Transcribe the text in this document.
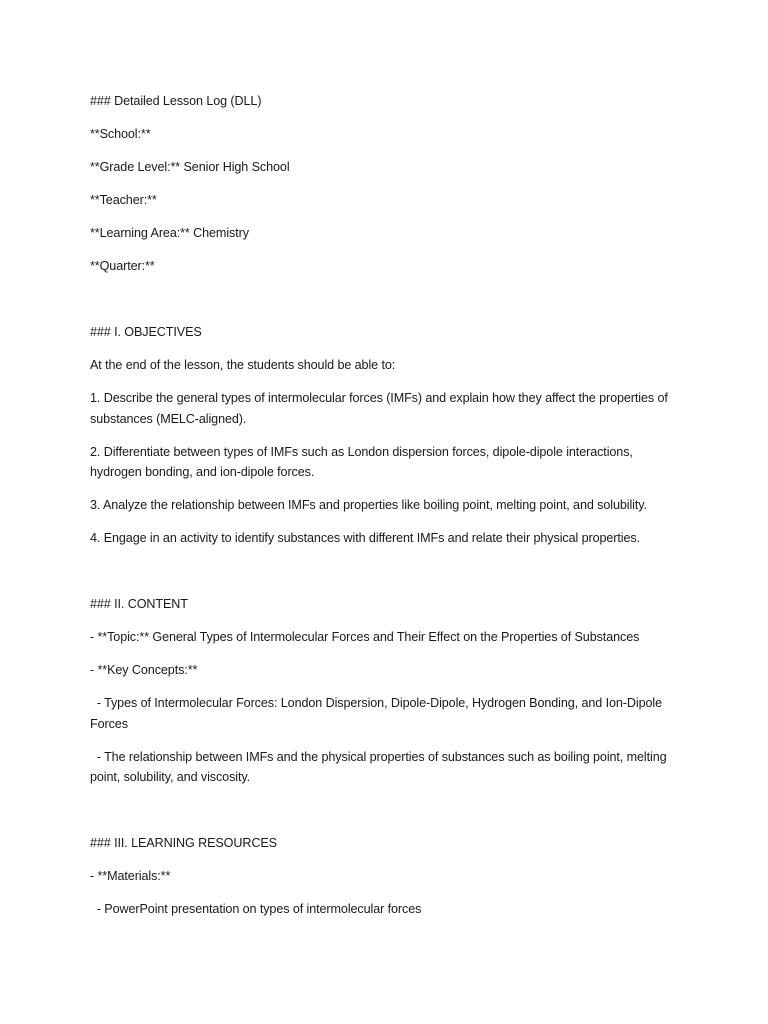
### Detailed Lesson Log (DLL)

**School:**

**Grade Level:** Senior High School

**Teacher:**

**Learning Area:** Chemistry

**Quarter:**

### I. OBJECTIVES

At the end of the lesson, the students should be able to:

1. Describe the general types of intermolecular forces (IMFs) and explain how they affect the properties of substances (MELC-aligned).

2. Differentiate between types of IMFs such as London dispersion forces, dipole-dipole interactions, hydrogen bonding, and ion-dipole forces.

3. Analyze the relationship between IMFs and properties like boiling point, melting point, and solubility.

4. Engage in an activity to identify substances with different IMFs and relate their physical properties.

### II. CONTENT

- **Topic:** General Types of Intermolecular Forces and Their Effect on the Properties of Substances

- **Key Concepts:**

- Types of Intermolecular Forces: London Dispersion, Dipole-Dipole, Hydrogen Bonding, and Ion-Dipole Forces

- The relationship between IMFs and the physical properties of substances such as boiling point, melting point, solubility, and viscosity.

### III. LEARNING RESOURCES

- **Materials:**

- PowerPoint presentation on types of intermolecular forces
